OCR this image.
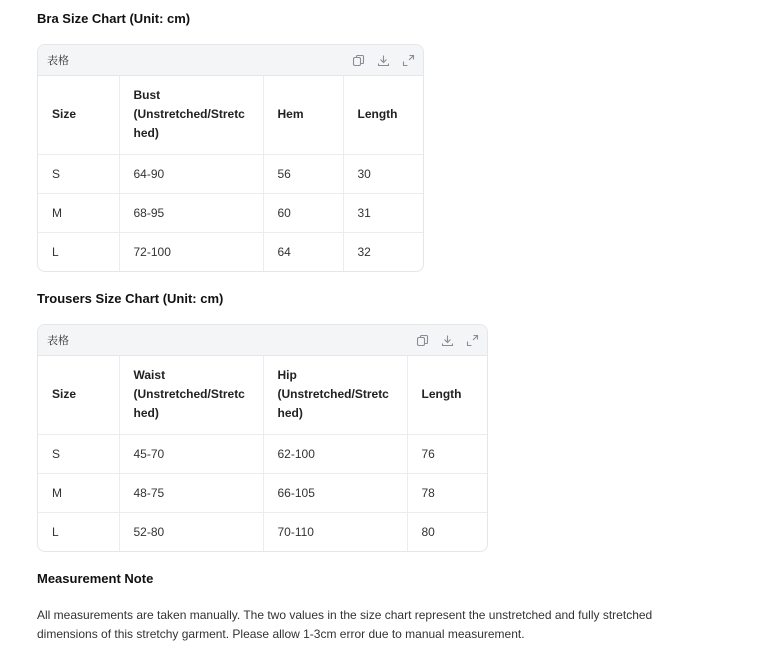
Bra Size Chart (Unit: cm)
表格
Size	Bust (Unstretched/Stretc hed)	Hem	Length
S	64-90	56	30
M	68-95	60	31
L	72-100	64	32
Trousers Size Chart (Unit: cm)
表格
Size	Waist (Unstretched/Stretc hed)	Hip (Unstretched/Stretc hed)	Length
S	45-70	62-100	76
M	48-75	66-105	78
L	52-80	70-110	80
Measurement Note

All measurements are taken manually. The two values in the size chart represent the unstretched and fully stretched dimensions of this stretchy garment. Please allow 1-3cm error due to manual measurement.
